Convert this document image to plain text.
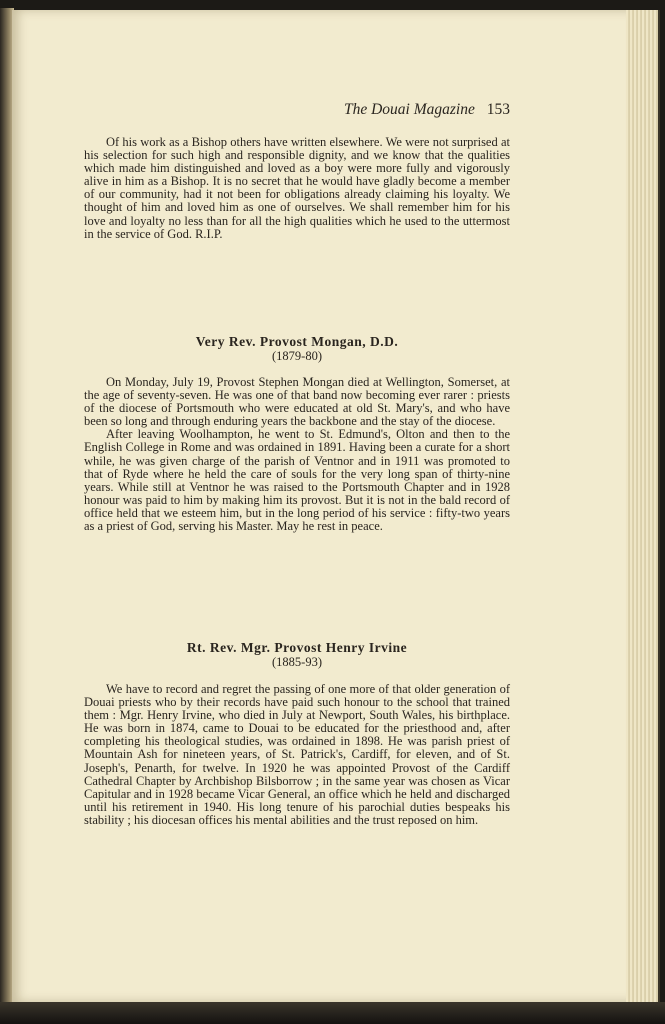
The Douai Magazine 153

Of his work as a Bishop others have written elsewhere. We were not surprised at his selection for such high and responsible dignity, and we know that the qualities which made him distinguished and loved as a boy were more fully and vigorously alive in him as a Bishop. It is no secret that he would have gladly become a member of our community, had it not been for obligations already claiming his loyalty. We thought of him and loved him as one of ourselves. We shall remember him for his love and loyalty no less than for all the high qualities which he used to the uttermost in the service of God. R.I.P.

Very Rev. Provost Mongan, D.D.
(1879-80)

On Monday, July 19, Provost Stephen Mongan died at Wellington, Somerset, at the age of seventy-seven. He was one of that band now becoming ever rarer : priests of the diocese of Portsmouth who were educated at old St. Mary's, and who have been so long and through enduring years the backbone and the stay of the diocese.

After leaving Woolhampton, he went to St. Edmund's, Olton and then to the English College in Rome and was ordained in 1891. Having been a curate for a short while, he was given charge of the parish of Ventnor and in 1911 was promoted to that of Ryde where he held the care of souls for the very long span of thirty-nine years. While still at Ventnor he was raised to the Portsmouth Chapter and in 1928 honour was paid to him by making him its provost. But it is not in the bald record of office held that we esteem him, but in the long period of his service : fifty-two years as a priest of God, serving his Master. May he rest in peace.

Rt. Rev. Mgr. Provost Henry Irvine
(1885-93)

We have to record and regret the passing of one more of that older generation of Douai priests who by their records have paid such honour to the school that trained them : Mgr. Henry Irvine, who died in July at Newport, South Wales, his birthplace. He was born in 1874, came to Douai to be educated for the priesthood and, after completing his theological studies, was ordained in 1898. He was parish priest of Mountain Ash for nineteen years, of St. Patrick's, Cardiff, for eleven, and of St. Joseph's, Penarth, for twelve. In 1920 he was appointed Provost of the Cardiff Cathedral Chapter by Archbishop Bilsborrow ; in the same year was chosen as Vicar Capitular and in 1928 became Vicar General, an office which he held and discharged until his retirement in 1940. His long tenure of his parochial duties bespeaks his stability ; his diocesan offices his mental abilities and the trust reposed on him.
